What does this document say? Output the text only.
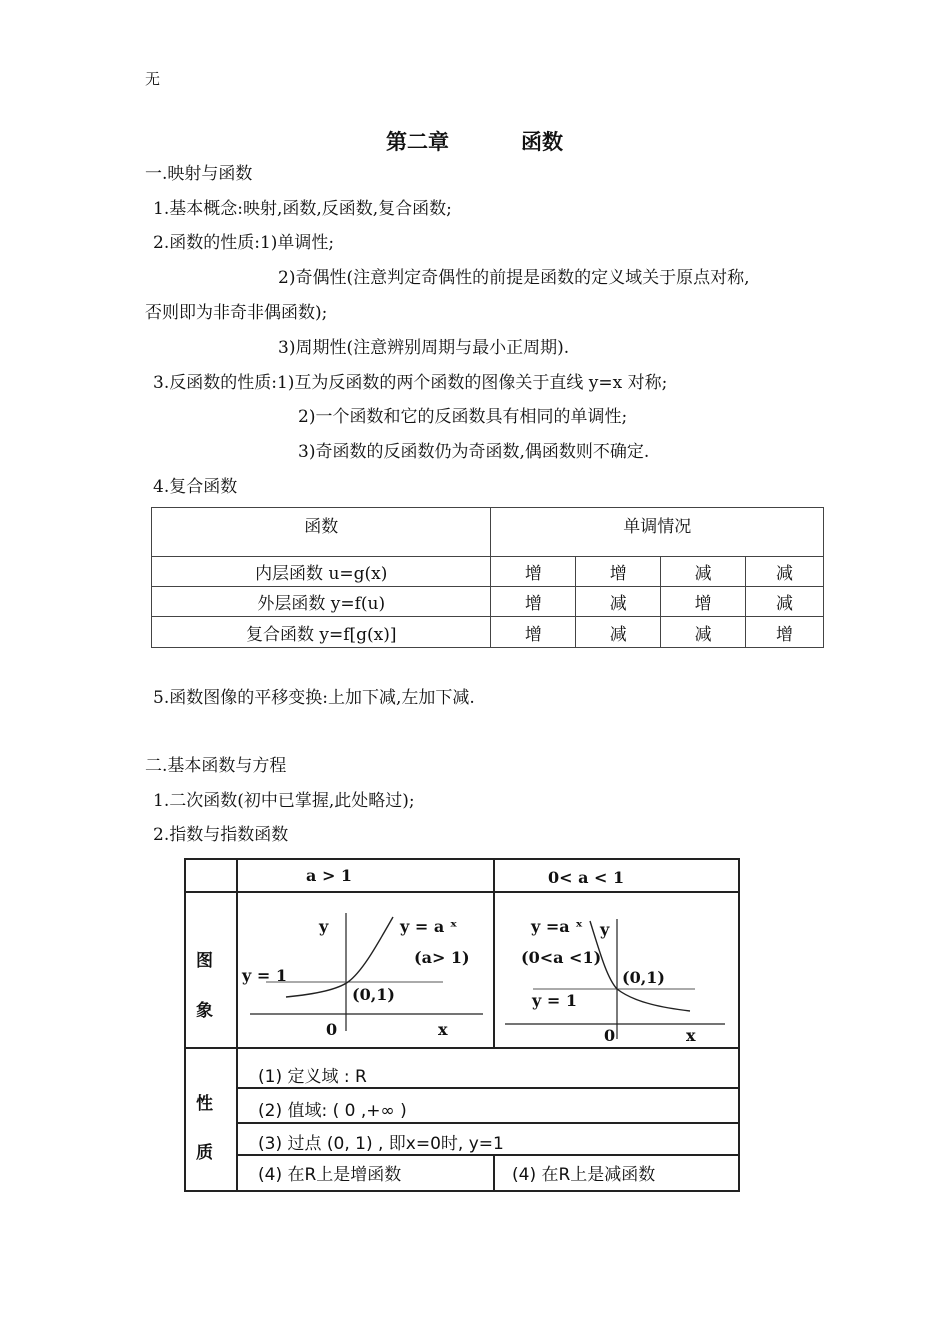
无
第二章	函数
一.映射与函数
1.基本概念:映射,函数,反函数,复合函数;
2.函数的性质:1)单调性;
2)奇偶性(注意判定奇偶性的前提是函数的定义域关于原点对称,
否则即为非奇非偶函数);
3)周期性(注意辨别周期与最小正周期).
3.反函数的性质:1)互为反函数的两个函数的图像关于直线 y=x 对称;
2)一个函数和它的反函数具有相同的单调性;
3)奇函数的反函数仍为奇函数,偶函数则不确定.
4.复合函数
函数	单调情况			
内层函数 u=g(x)	增	增	减	减
外层函数 y=f(u)	增	减	增	减
复合函数 y=f[g(x)]	增	减	减	增
5.函数图像的平移变换:上加下减,左加下减.
二.基本函数与方程
1.二次函数(初中已掌握,此处略过);
2.指数与指数函数
a > 1	0< a < 1
图
象
性
质
y	y = a ˣ
(a> 1)
y = 1
(0,1)
0	x
y =a ˣ y
(0<a <1)
(0,1)
y = 1
0	x
(1) 定义域 : R
(2) 值域: ( 0 ,+∞ )
(3) 过点 (0, 1) , 即x=0时, y=1
(4) 在R上是增函数	(4) 在R上是减函数
